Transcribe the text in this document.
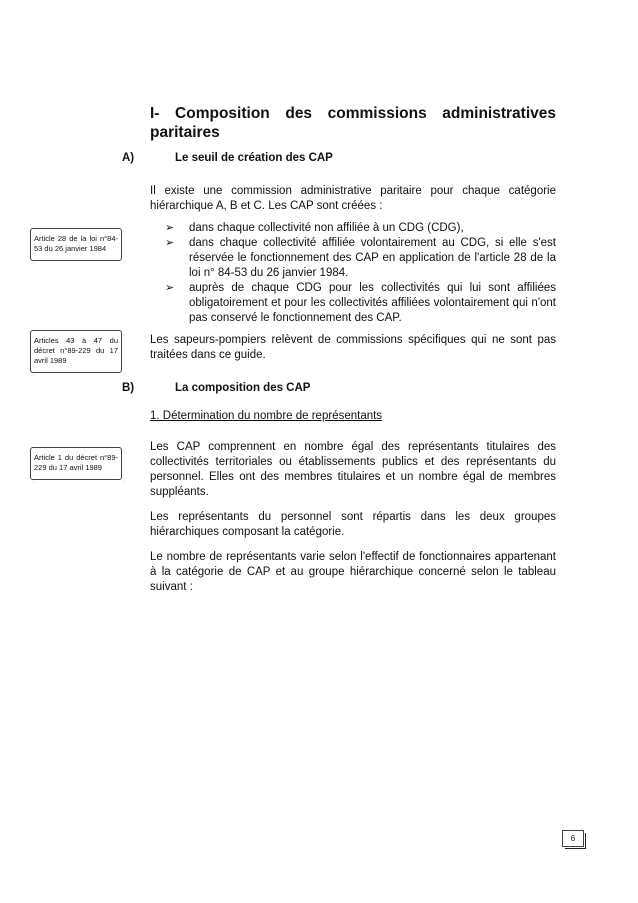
I- Composition des commissions administratives paritaires
A)	Le seuil de création des CAP
Il existe une commission administrative paritaire pour chaque catégorie hiérarchique A, B et C. Les CAP sont créées :
➢ dans chaque collectivité non affiliée à un CDG (CDG),
➢ dans chaque collectivité affiliée volontairement au CDG, si elle s'est réservée le fonctionnement des CAP en application de l'article 28 de la loi n° 84-53 du 26 janvier 1984.
➢ auprès de chaque CDG pour les collectivités qui lui sont affiliées obligatoirement et pour les collectivités affiliées volontairement qui n'ont pas conservé le fonctionnement des CAP.
Les sapeurs-pompiers relèvent de commissions spécifiques qui ne sont pas traitées dans ce guide.
B)	La composition des CAP
1. Détermination du nombre de représentants
Les CAP comprennent en nombre égal des représentants titulaires des collectivités territoriales ou établissements publics et des représentants du personnel. Elles ont des membres titulaires et un nombre égal de membres suppléants.
Les représentants du personnel sont répartis dans les deux groupes hiérarchiques composant la catégorie.
Le nombre de représentants varie selon l'effectif de fonctionnaires appartenant à la catégorie de CAP et au groupe hiérarchique concerné selon le tableau suivant :
Article 28 de la loi n°84-53 du 26 janvier 1984
Articles 43 à 47 du décret n°89-229 du 17 avril 1989
Article 1 du décret n°89-229 du 17 avril 1989
6
